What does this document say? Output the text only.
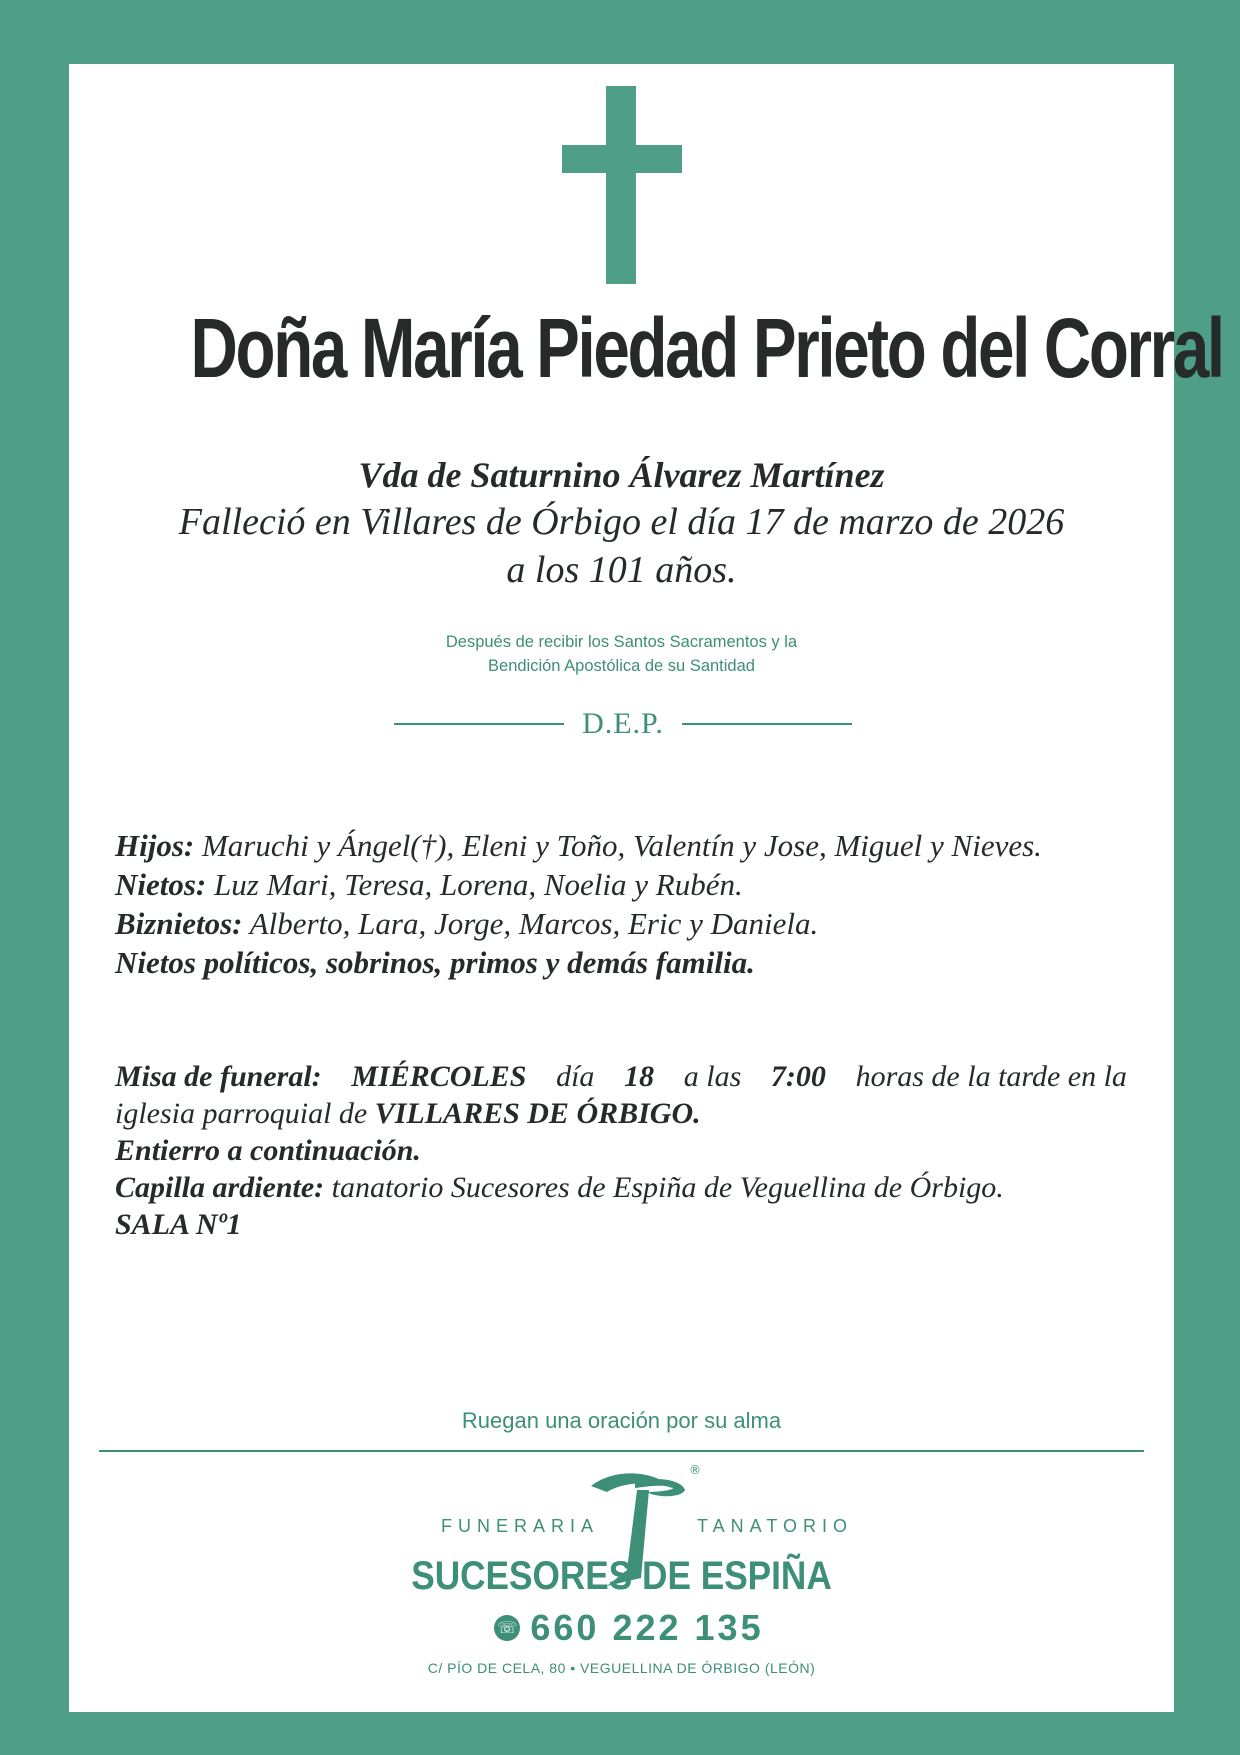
Doña María Piedad Prieto del Corral
Vda de Saturnino Álvarez Martínez
Falleció en Villares de Órbigo el día 17 de marzo de 2026
a los 101 años.
Después de recibir los Santos Sacramentos y la
Bendición Apostólica de su Santidad
D.E.P.
Hijos: Maruchi y Ángel(†), Eleni y Toño, Valentín y Jose, Miguel y Nieves.
Nietos: Luz Mari, Teresa, Lorena, Noelia y Rubén.
Biznietos: Alberto, Lara, Jorge, Marcos, Eric y Daniela.
Nietos políticos, sobrinos, primos y demás familia.
Misa de funeral: MIÉRCOLES día 18 a las 7:00 horas de la tarde en la
iglesia parroquial de VILLARES DE ÓRBIGO.
Entierro a continuación.
Capilla ardiente: tanatorio Sucesores de Espiña de Veguellina de Órbigo.
SALA Nº1
Ruegan una oración por su alma
®
FUNERARIA	TANATORIO
SUCESORES DE ESPIÑA
☏ 660 222 135
C/ PÍO DE CELA, 80 • VEGUELLINA DE ÓRBIGO (LEÓN)
